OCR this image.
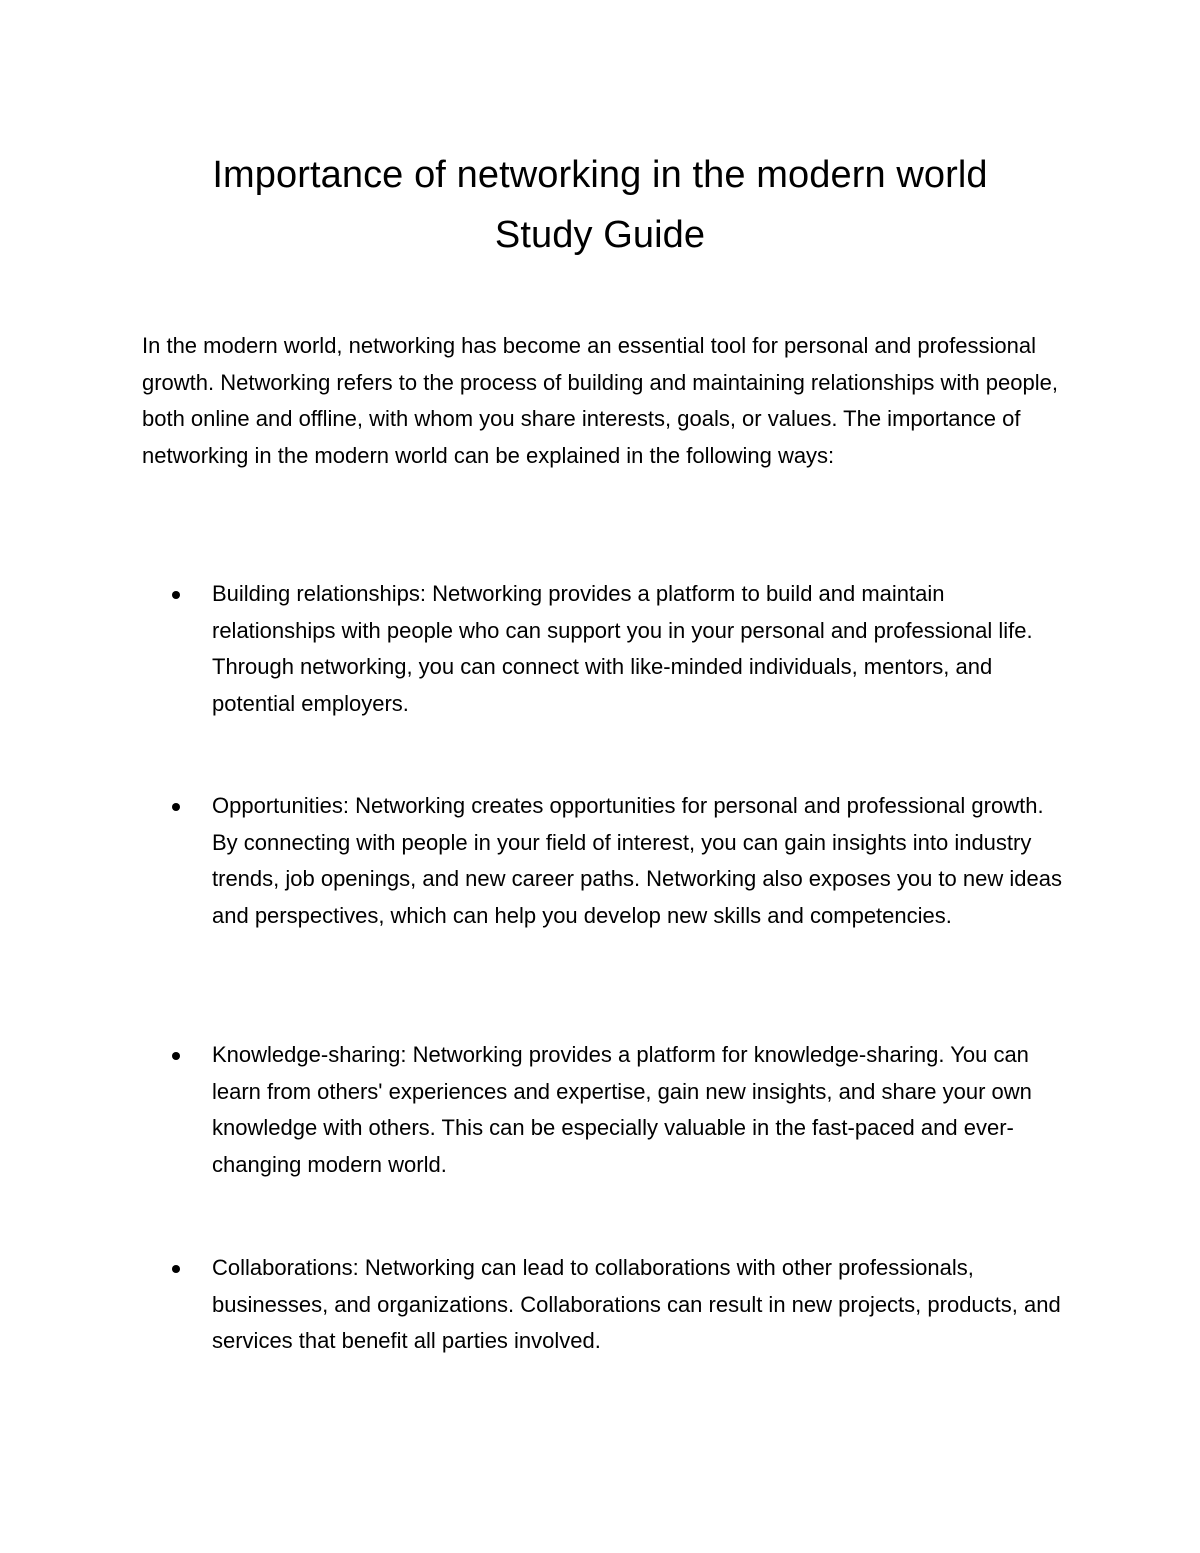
Importance of networking in the modern world
Study Guide

In the modern world, networking has become an essential tool for personal and professional growth. Networking refers to the process of building and maintaining relationships with people, both online and offline, with whom you share interests, goals, or values. The importance of networking in the modern world can be explained in the following ways:

Building relationships: Networking provides a platform to build and maintain relationships with people who can support you in your personal and professional life. Through networking, you can connect with like-minded individuals, mentors, and potential employers.
Opportunities: Networking creates opportunities for personal and professional growth. By connecting with people in your field of interest, you can gain insights into industry trends, job openings, and new career paths. Networking also exposes you to new ideas and perspectives, which can help you develop new skills and competencies.
Knowledge-sharing: Networking provides a platform for knowledge-sharing. You can learn from others' experiences and expertise, gain new insights, and share your own knowledge with others. This can be especially valuable in the fast-paced and ever-changing modern world.
Collaborations: Networking can lead to collaborations with other professionals, businesses, and organizations. Collaborations can result in new projects, products, and services that benefit all parties involved.
